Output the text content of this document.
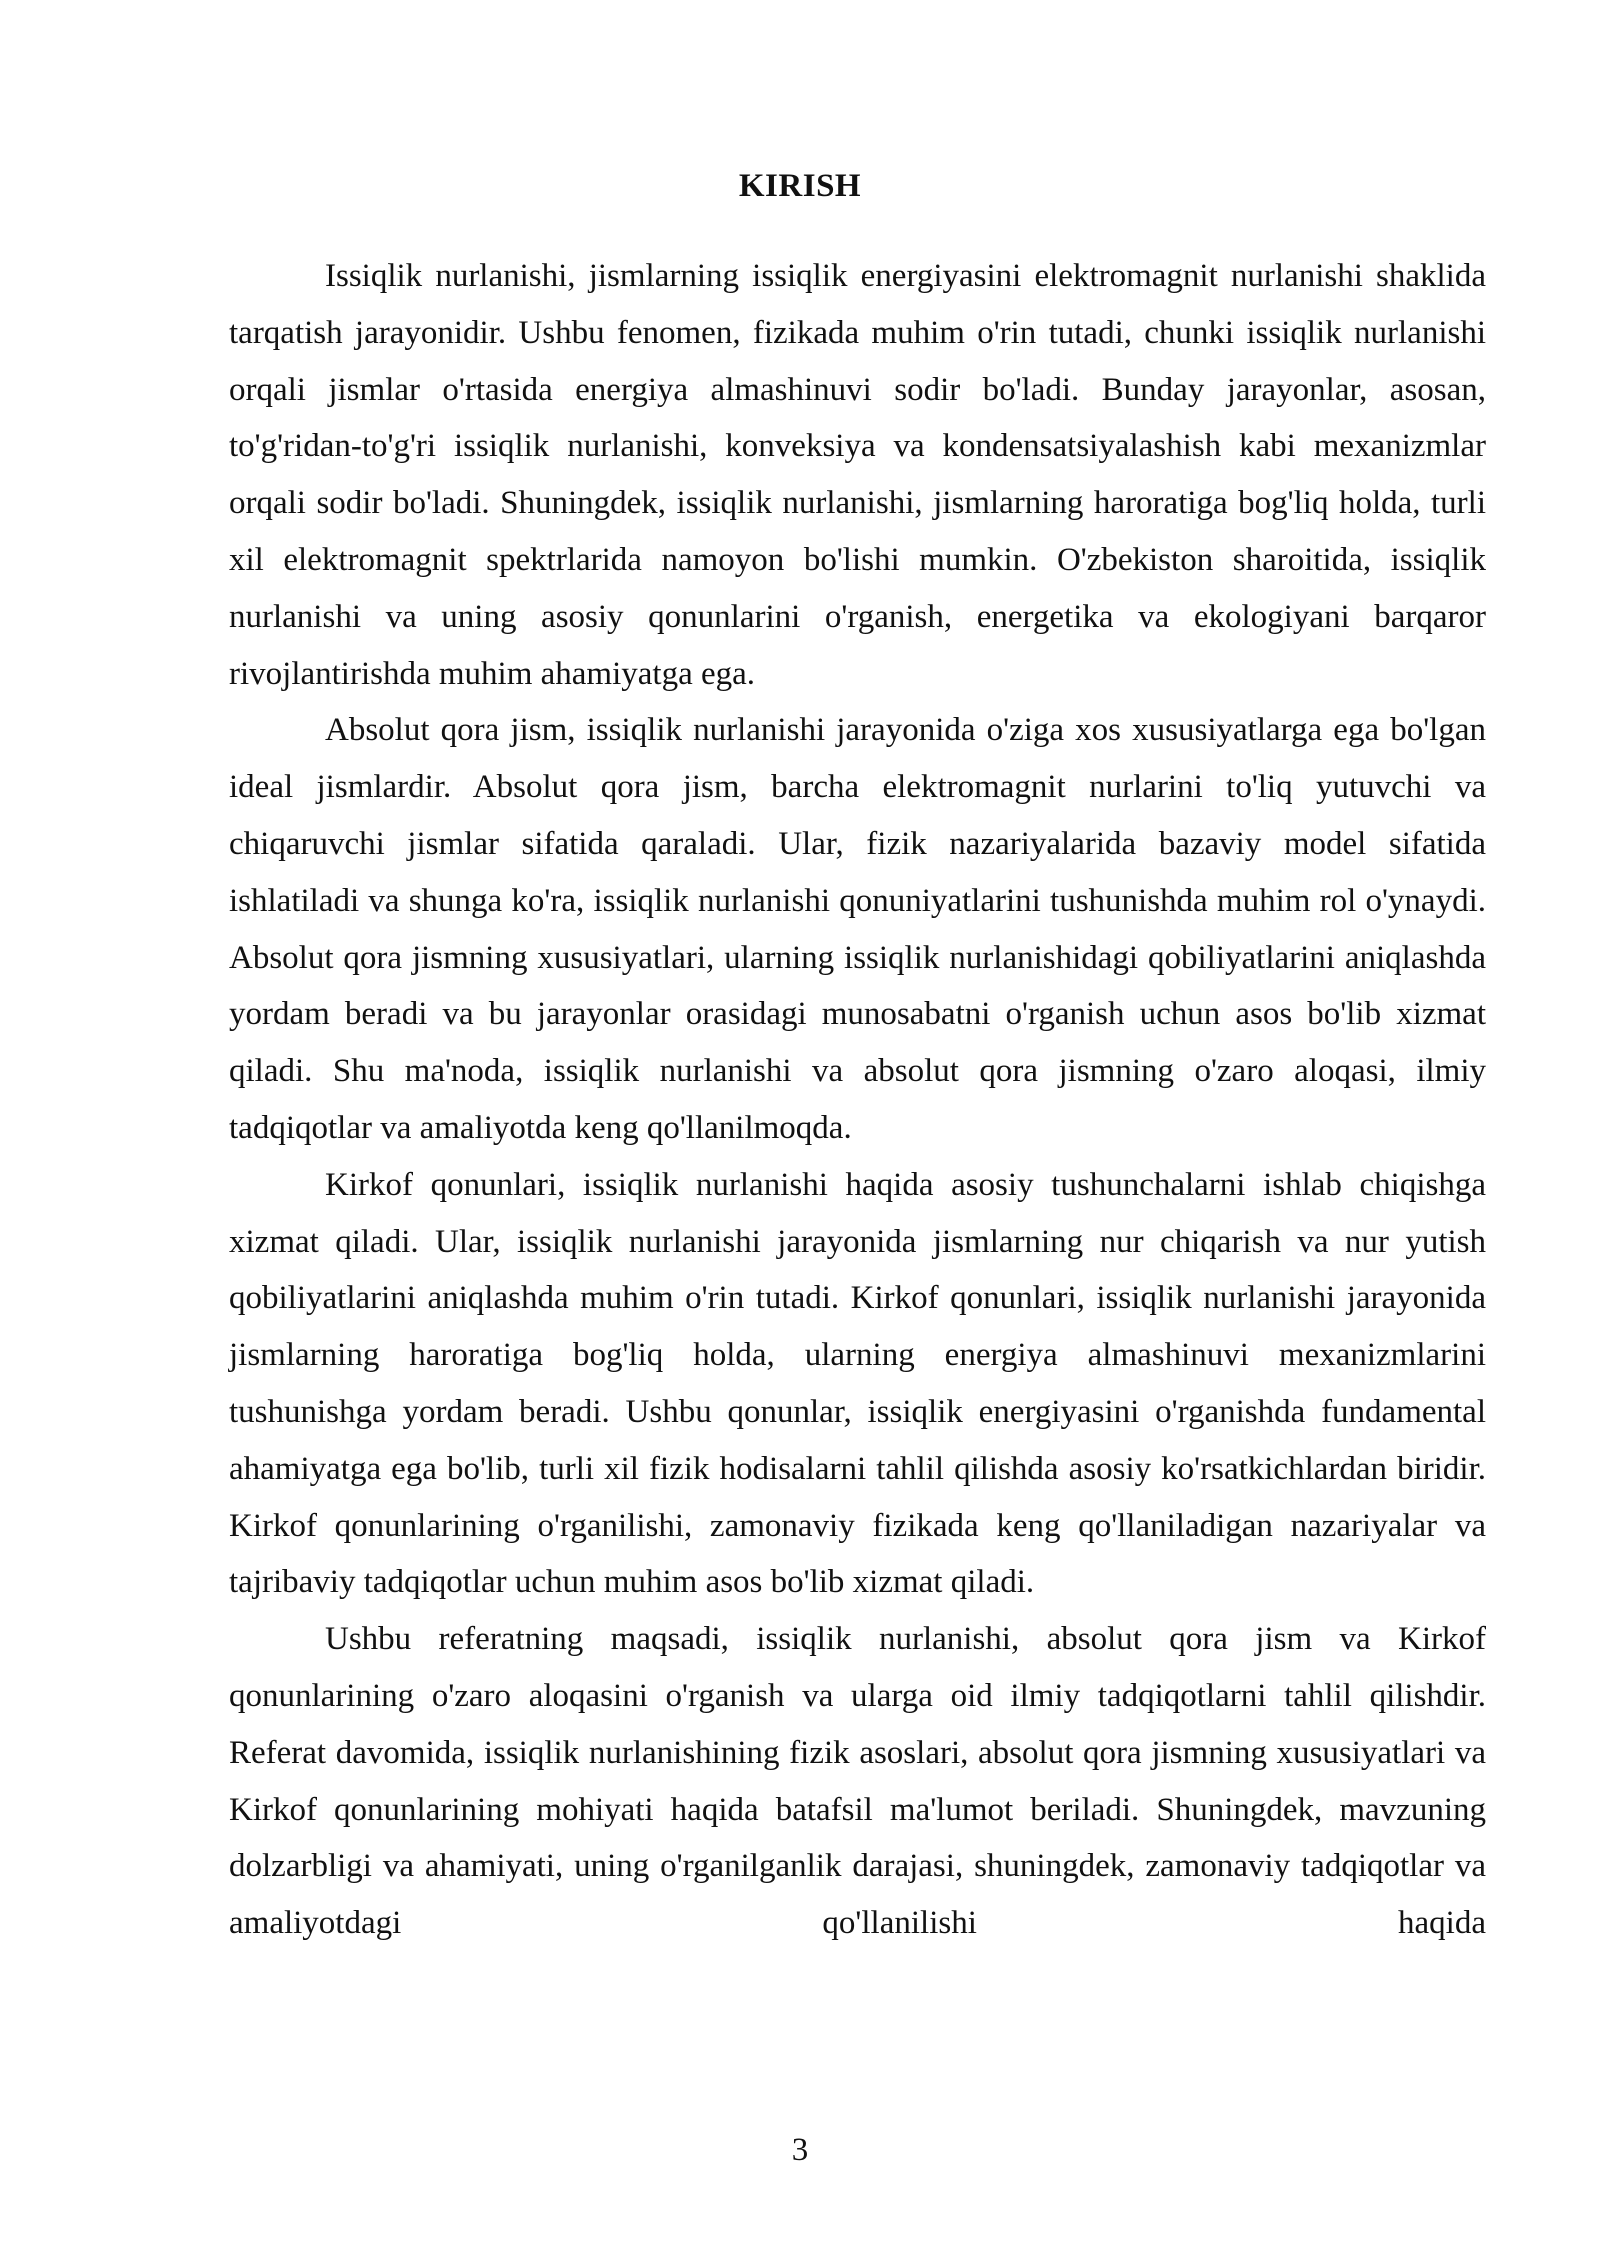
KIRISH

Issiqlik nurlanishi, jismlarning issiqlik energiyasini elektromagnit nurlanishi shaklida tarqatish jarayonidir. Ushbu fenomen, fizikada muhim o'rin tutadi, chunki issiqlik nurlanishi orqali jismlar o'rtasida energiya almashinuvi sodir bo'ladi. Bunday jarayonlar, asosan, to'g'ridan-to'g'ri issiqlik nurlanishi, konveksiya va kondensatsiyalashish kabi mexanizmlar orqali sodir bo'ladi. Shuningdek, issiqlik nurlanishi, jismlarning haroratiga bog'liq holda, turli xil elektromagnit spektrlarida namoyon bo'lishi mumkin. O'zbekiston sharoitida, issiqlik nurlanishi va uning asosiy qonunlarini o'rganish, energetika va ekologiyani barqaror rivojlantirishda muhim ahamiyatga ega.

Absolut qora jism, issiqlik nurlanishi jarayonida o'ziga xos xususiyatlarga ega bo'lgan ideal jismlardir. Absolut qora jism, barcha elektromagnit nurlarini to'liq yutuvchi va chiqaruvchi jismlar sifatida qaraladi. Ular, fizik nazariyalarida bazaviy model sifatida ishlatiladi va shunga ko'ra, issiqlik nurlanishi qonuniyatlarini tushunishda muhim rol o'ynaydi. Absolut qora jismning xususiyatlari, ularning issiqlik nurlanishidagi qobiliyatlarini aniqlashda yordam beradi va bu jarayonlar orasidagi munosabatni o'rganish uchun asos bo'lib xizmat qiladi. Shu ma'noda, issiqlik nurlanishi va absolut qora jismning o'zaro aloqasi, ilmiy tadqiqotlar va amaliyotda keng qo'llanilmoqda.

Kirkof qonunlari, issiqlik nurlanishi haqida asosiy tushunchalarni ishlab chiqishga xizmat qiladi. Ular, issiqlik nurlanishi jarayonida jismlarning nur chiqarish va nur yutish qobiliyatlarini aniqlashda muhim o'rin tutadi. Kirkof qonunlari, issiqlik nurlanishi jarayonida jismlarning haroratiga bog'liq holda, ularning energiya almashinuvi mexanizmlarini tushunishga yordam beradi. Ushbu qonunlar, issiqlik energiyasini o'rganishda fundamental ahamiyatga ega bo'lib, turli xil fizik hodisalarni tahlil qilishda asosiy ko'rsatkichlardan biridir. Kirkof qonunlarining o'rganilishi, zamonaviy fizikada keng qo'llaniladigan nazariyalar va tajribaviy tadqiqotlar uchun muhim asos bo'lib xizmat qiladi.

Ushbu referatning maqsadi, issiqlik nurlanishi, absolut qora jism va Kirkof qonunlarining o'zaro aloqasini o'rganish va ularga oid ilmiy tadqiqotlarni tahlil qilishdir. Referat davomida, issiqlik nurlanishining fizik asoslari, absolut qora jismning xususiyatlari va Kirkof qonunlarining mohiyati haqida batafsil ma'lumot beriladi. Shuningdek, mavzuning dolzarbligi va ahamiyati, uning o'rganilganlik darajasi, shuningdek, zamonaviy tadqiqotlar va amaliyotdagi qo'llanilishi haqida

3
